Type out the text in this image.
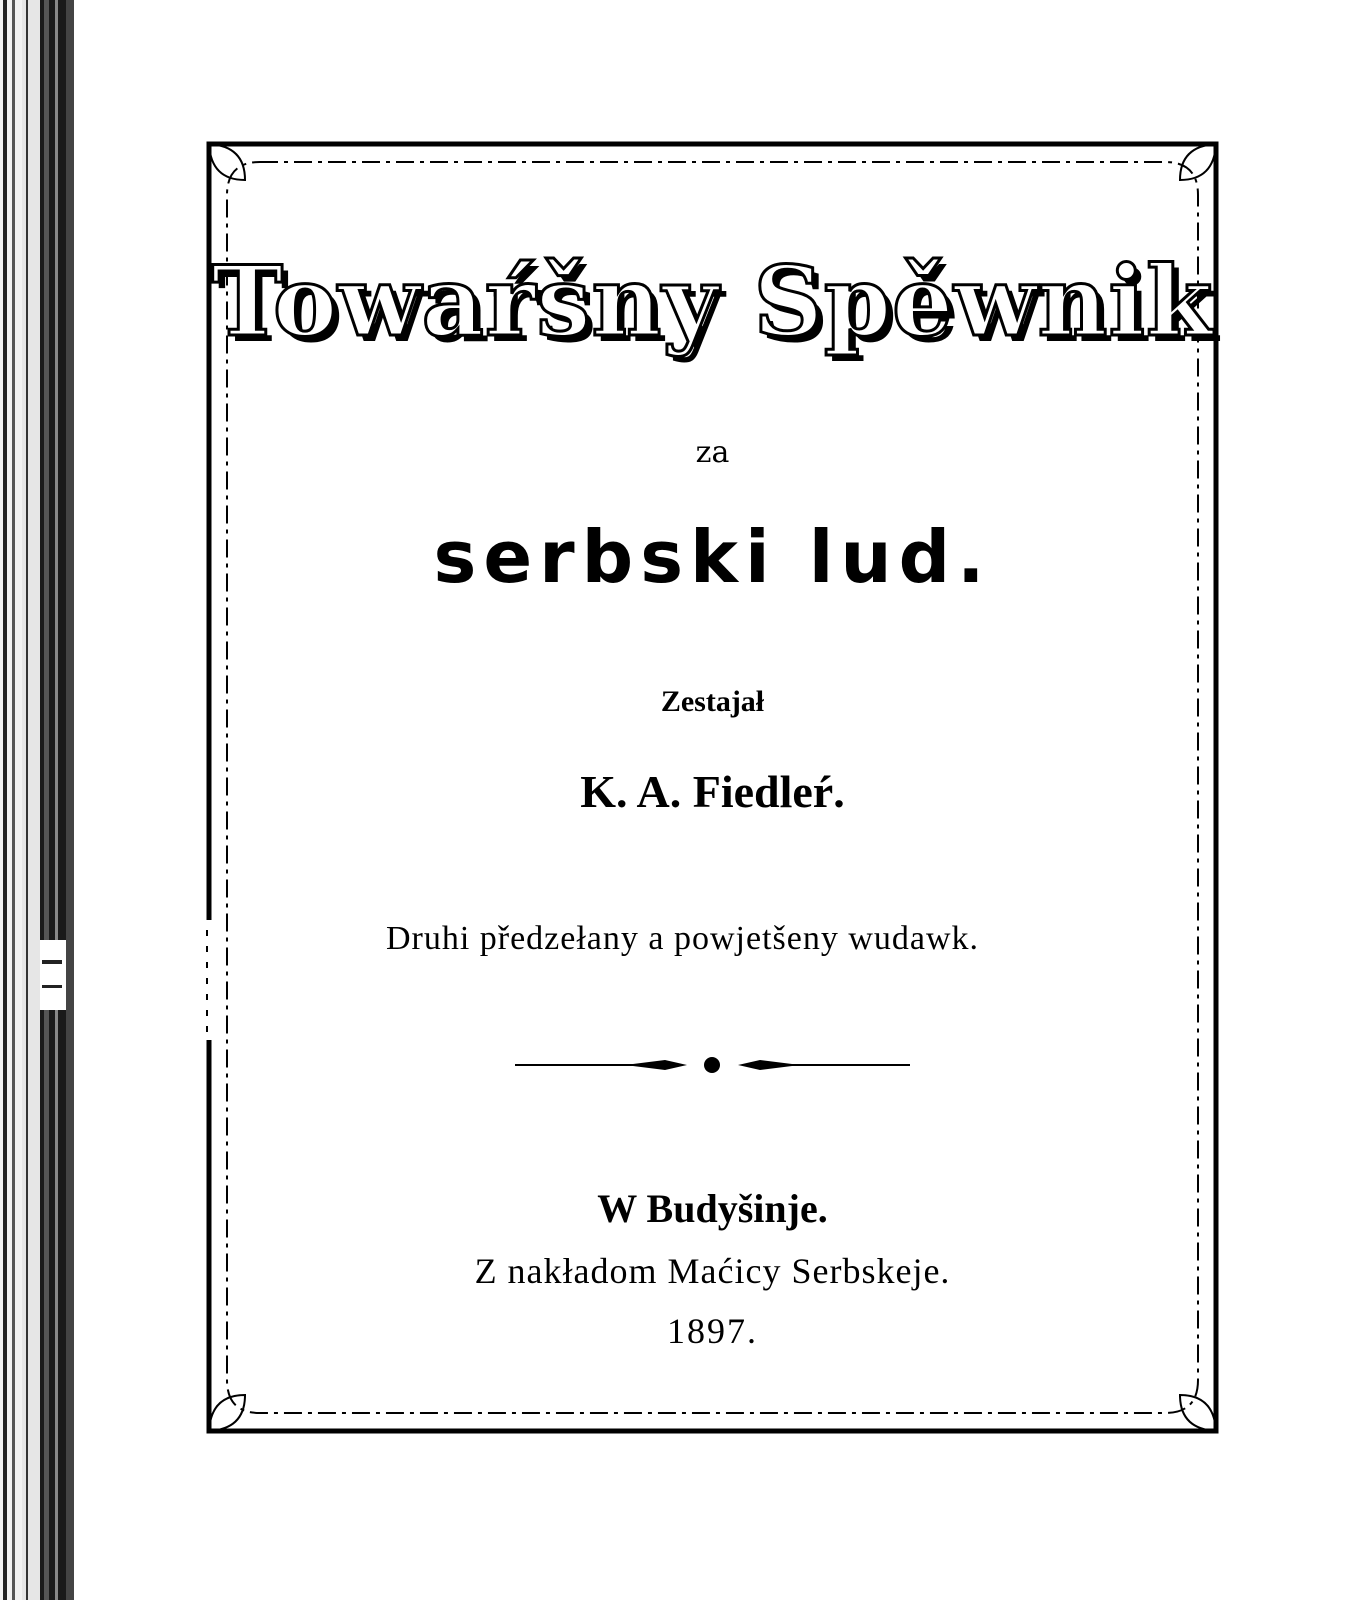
Towaŕšny Spěwnik
za
serbski lud.
Zestajał
K. A. Fiedleŕ.
Druhi předzełany a powjetšeny wudawk.
W Budyšinje.
Z nakładom Maćicy Serbskeje.
1897.
